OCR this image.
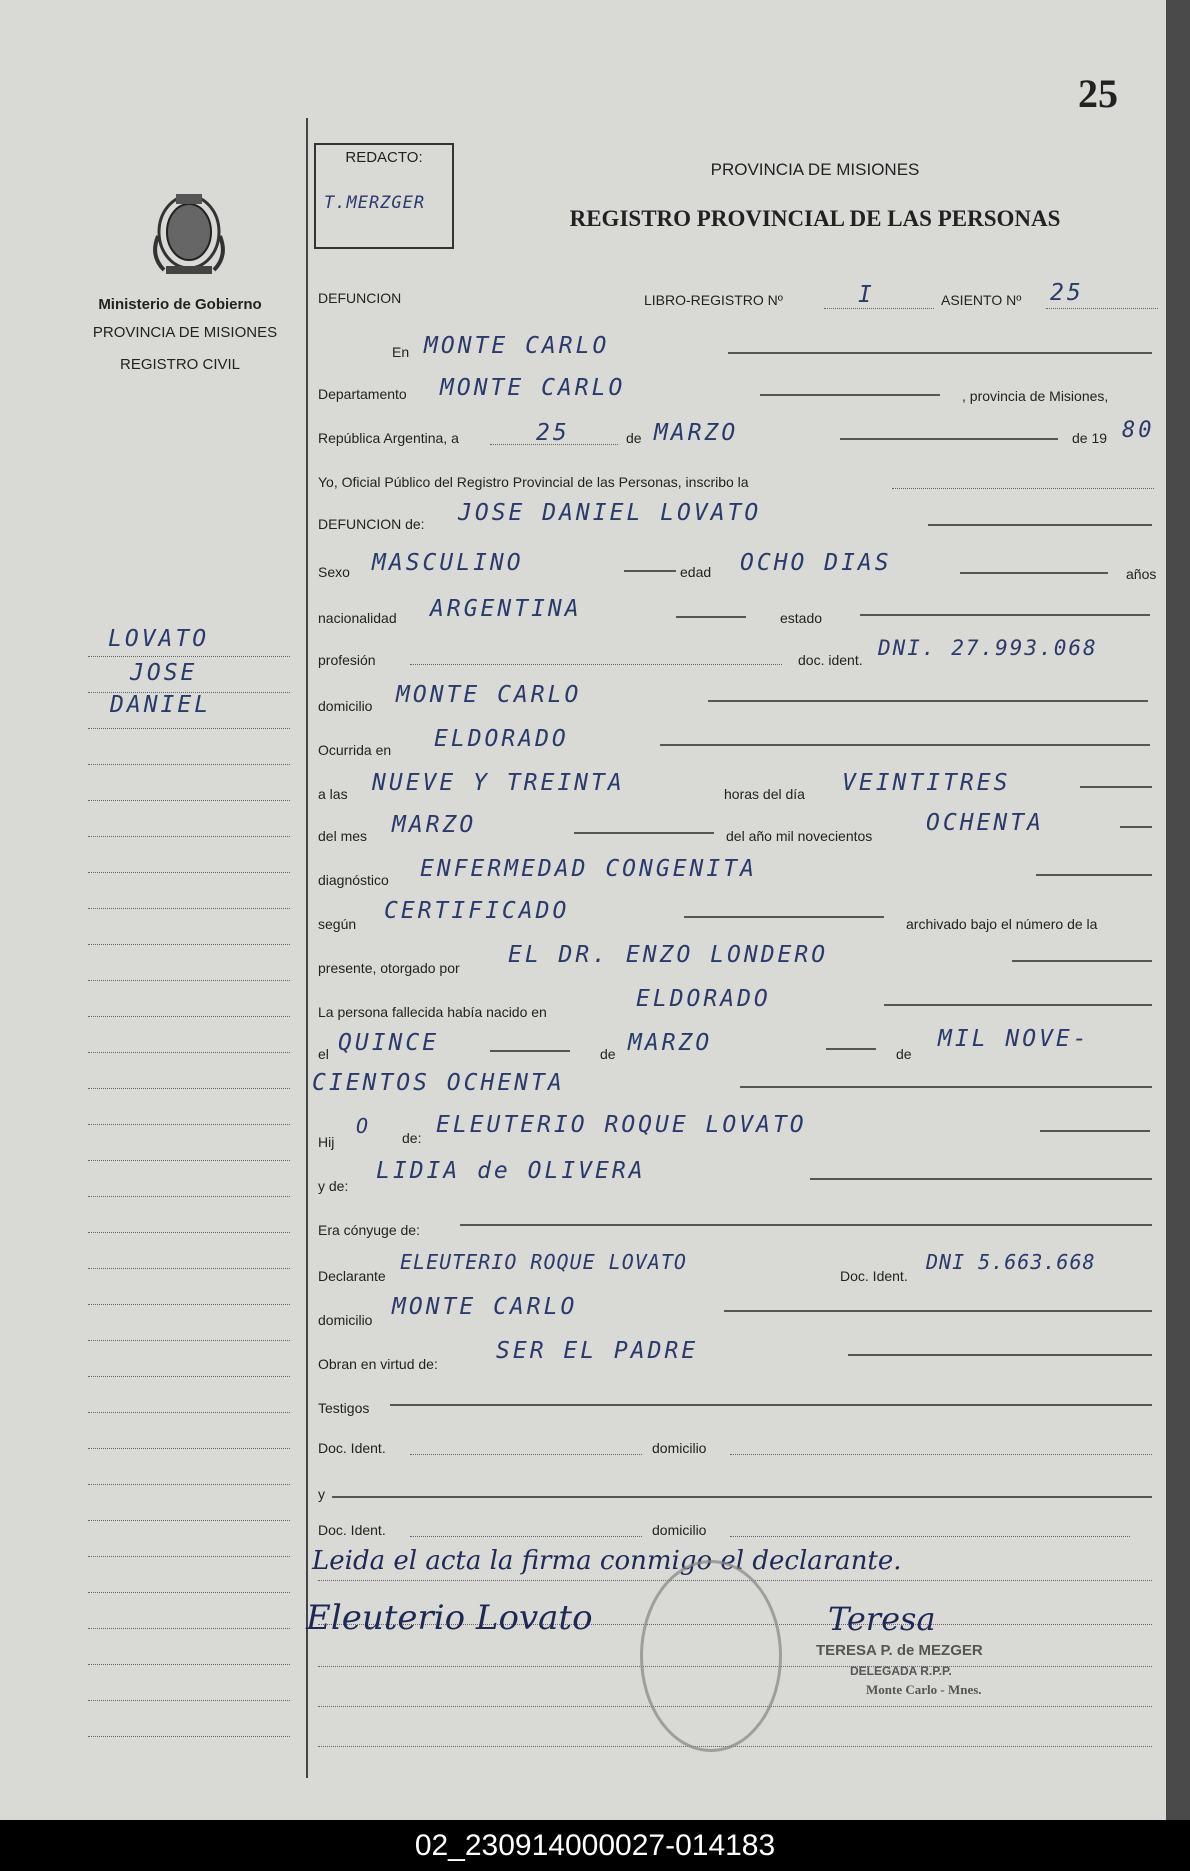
25
REDACTO:
T.MERZGER
Ministerio de Gobierno
PROVINCIA DE MISIONES
REGISTRO CIVIL
PROVINCIA DE MISIONES
REGISTRO PROVINCIAL DE LAS PERSONAS
DEFUNCION	LIBRO-REGISTRO Nº	I	ASIENTO Nº 25
En MONTE CARLO
Departamento MONTE CARLO	, provincia de Misiones,
República Argentina, a	25	de MARZO	de 19 80
Yo, Oficial Público del Registro Provincial de las Personas, inscribo la
DEFUNCION de: JOSE DANIEL LOVATO
Sexo MASCULINO	edad OCHO DIAS	años
nacionalidad ARGENTINA	estado
profesión	doc. ident. DNI. 27.993.068
domicilio MONTE CARLO
Ocurrida en ELDORADO
a las NUEVE Y TREINTA	horas del día VEINTITRES
del mes MARZO	del año mil novecientos OCHENTA
diagnóstico ENFERMEDAD CONGENITA
según CERTIFICADO	archivado bajo el número de la
presente, otorgado por EL DR. ENZO LONDERO
La persona fallecida había nacido en	ELDORADO
el QUINCE	de MARZO	de
MIL NOVE-
CIENTOS OCHENTA
Hij
O de: ELEUTERIO ROQUE LOVATO
y de:
LIDIA de OLIVERA
Era cónyuge de:
Declarante
ELEUTERIO ROQUE LOVATO
Doc. Ident.
DNI 5.663.668
domicilio MONTE CARLO
Obran en virtud de:	SER EL PADRE
Testigos
Doc. Ident.	domicilio
y
Doc. Ident.	domicilio
Leida el acta la firma conmigo el declarante.
Eleuterio Lovato	Teresa
TERESA P. de MEZGER
DELEGADA R.P.P.
Monte Carlo - Mnes.
LOVATO
JOSE
DANIEL
02_230914000027-014183
